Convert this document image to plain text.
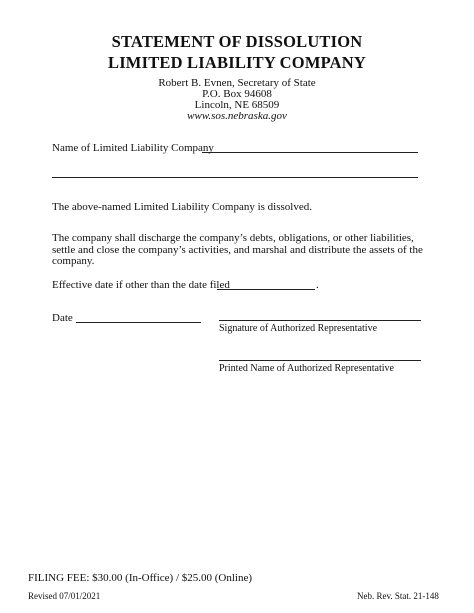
STATEMENT OF DISSOLUTION
LIMITED LIABILITY COMPANY
Robert B. Evnen, Secretary of State
P.O. Box 94608
Lincoln, NE 68509
www.sos.nebraska.gov
Name of Limited Liability Company
The above-named Limited Liability Company is dissolved.
The company shall discharge the company’s debts, obligations, or other liabilities, settle and close the company’s activities, and marshal and distribute the assets of the company.
Effective date if other than the date filed	.
Date
Signature of Authorized Representative
Printed Name of Authorized Representative
FILING FEE: $30.00 (In-Office) / $25.00 (Online)
Revised 07/01/2021	Neb. Rev. Stat. 21-148
